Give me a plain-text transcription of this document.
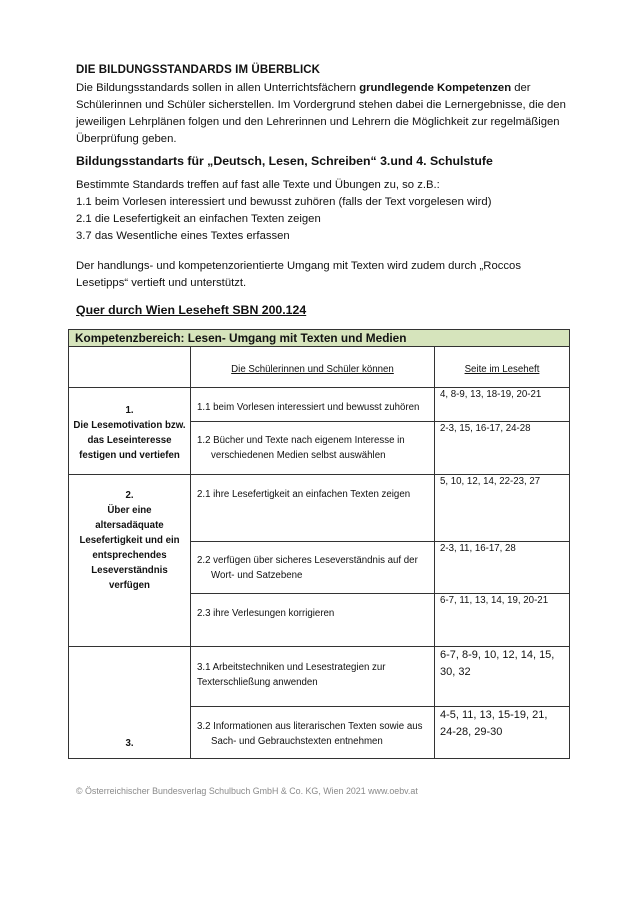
DIE BILDUNGSSTANDARDS IM ÜBERBLICK
Die Bildungsstandards sollen in allen Unterrichtsfächern grundlegende Kompetenzen der Schülerinnen und Schüler sicherstellen. Im Vordergrund stehen dabei die Lernergebnisse, die den jeweiligen Lehrplänen folgen und den Lehrerinnen und Lehrern die Möglichkeit zur regelmäßigen Überprüfung geben.
Bildungsstandarts für „Deutsch, Lesen, Schreiben“ 3.und 4. Schulstufe
Bestimmte Standards treffen auf fast alle Texte und Übungen zu, so z.B.:
1.1 beim Vorlesen interessiert und bewusst zuhören (falls der Text vorgelesen wird)
2.1 die Lesefertigkeit an einfachen Texten zeigen
3.7 das Wesentliche eines Textes erfassen
Der handlungs- und kompetenzorientierte Umgang mit Texten wird zudem durch „Roccos Lesetipps“ vertieft und unterstützt.
Quer durch Wien Leseheft SBN 200.124
Kompetenzbereich: Lesen- Umgang mit Texten und Medien
Die Schülerinnen und Schüler können	Seite im Leseheft
1.
Die Lesemotivation bzw. das Leseinteresse festigen und vertiefen
2.
Über eine altersadäquate Lesefertigkeit und ein entsprechendes Leseverständnis verfügen
3.
1.1 beim Vorlesen interessiert und bewusst zuhören
1.2 Bücher und Texte nach eigenem Interesse in verschiedenen Medien selbst auswählen
2.1 ihre Lesefertigkeit an einfachen Texten zeigen
2.2 verfügen über sicheres Leseverständnis auf der Wort- und Satzebene
2.3 ihre Verlesungen korrigieren
3.1 Arbeitstechniken und Lesestrategien zur Texterschließung anwenden
3.2 Informationen aus literarischen Texten sowie aus Sach- und Gebrauchstexten entnehmen
4, 8-9, 13, 18-19, 20-21
2-3, 15, 16-17, 24-28
5, 10, 12, 14, 22-23, 27
2-3, 11, 16-17, 28
6-7, 11, 13, 14, 19, 20-21
6-7, 8-9, 10, 12, 14, 15, 30, 32
4-5, 11, 13, 15-19, 21, 24-28, 29-30
© Österreichischer Bundesverlag Schulbuch GmbH & Co. KG, Wien 2021 www.oebv.at
